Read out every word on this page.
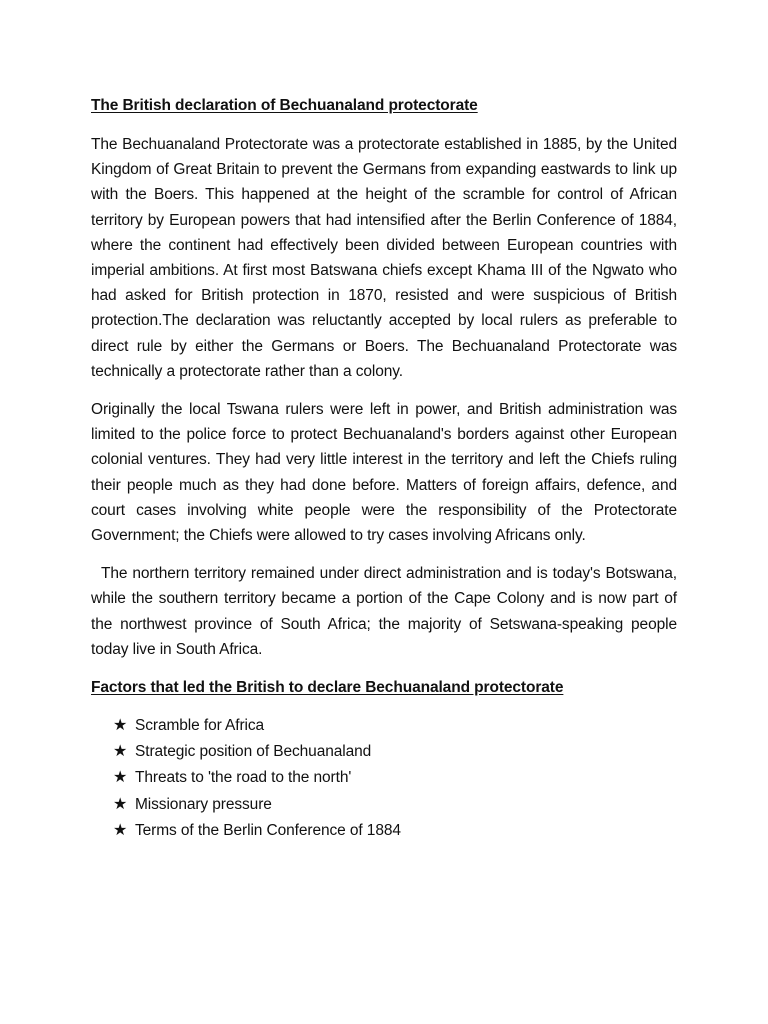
The British declaration of Bechuanaland protectorate

The Bechuanaland Protectorate was a protectorate established in 1885, by the United Kingdom of Great Britain to prevent the Germans from expanding eastwards to link up with the Boers. This happened at the height of the scramble for control of African territory by European powers that had intensified after the Berlin Conference of 1884, where the continent had effectively been divided between European countries with imperial ambitions. At first most Batswana chiefs except Khama III of the Ngwato who had asked for British protection in 1870, resisted and were suspicious of British protection.The declaration was reluctantly accepted by local rulers as preferable to direct rule by either the Germans or Boers. The Bechuanaland Protectorate was technically a protectorate rather than a colony.

Originally the local Tswana rulers were left in power, and British administration was limited to the police force to protect Bechuanaland's borders against other European colonial ventures. They had very little interest in the territory and left the Chiefs ruling their people much as they had done before. Matters of foreign affairs, defence, and court cases involving white people were the responsibility of the Protectorate Government; the Chiefs were allowed to try cases involving Africans only.

The northern territory remained under direct administration and is today's Botswana, while the southern territory became a portion of the Cape Colony and is now part of the northwest province of South Africa; the majority of Setswana-speaking people today live in South Africa.

Factors that led the British to declare Bechuanaland protectorate

★ Scramble for Africa
★ Strategic position of Bechuanaland
★ Threats to 'the road to the north'
★ Missionary pressure
★ Terms of the Berlin Conference of 1884
